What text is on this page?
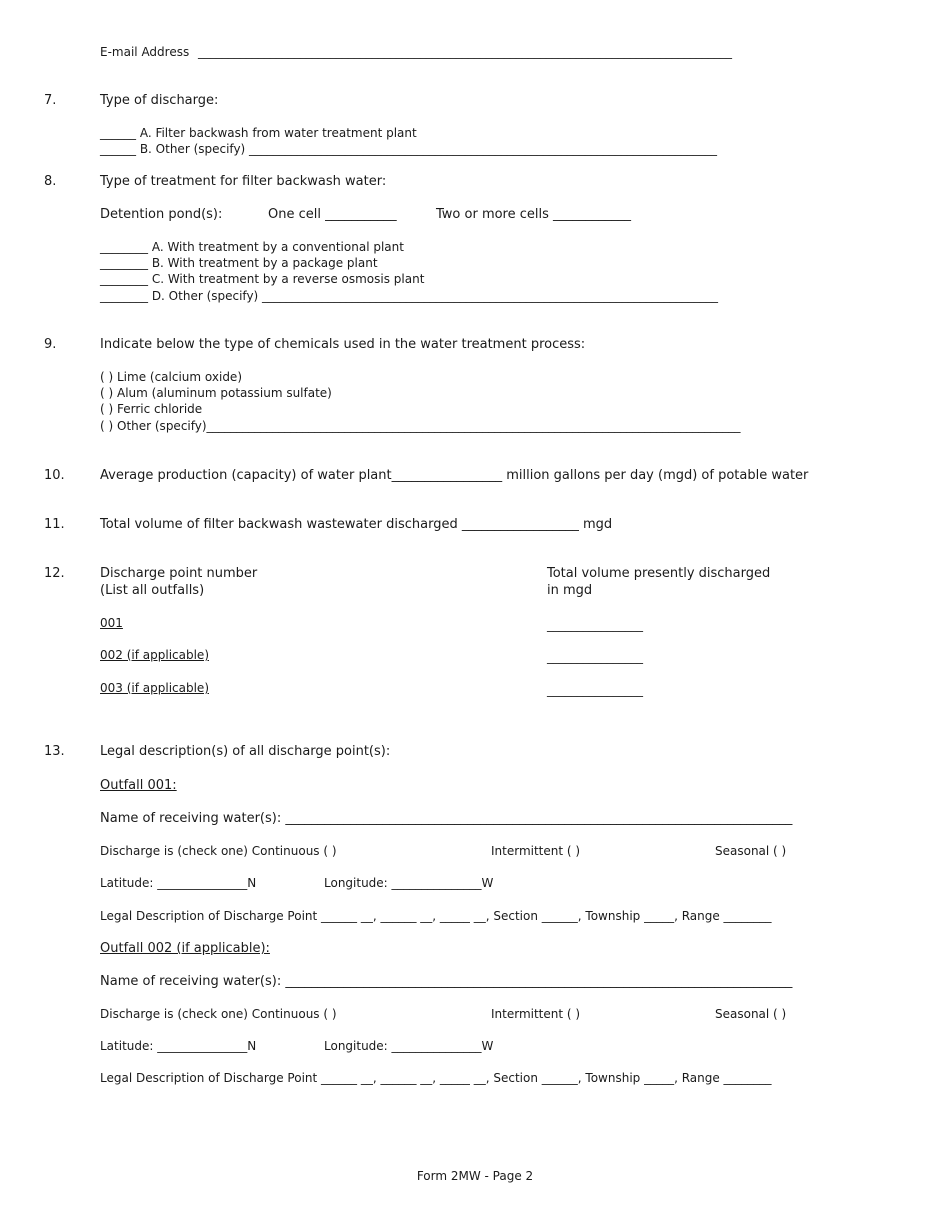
E-mail Address _________________________________________________________________________________________
7.	Type of discharge:
______ A. Filter backwash from water treatment plant
______ B. Other (specify) ______________________________________________________________________________
8.	Type of treatment for filter backwash water:
Detention pond(s):	One cell ___________	Two or more cells ____________
________ A. With treatment by a conventional plant
________ B. With treatment by a package plant
________ C. With treatment by a reverse osmosis plant
________ D. Other (specify) ____________________________________________________________________________
9.	Indicate below the type of chemicals used in the water treatment process:
( ) Lime (calcium oxide)
( ) Alum (aluminum potassium sulfate)
( ) Ferric chloride
( ) Other (specify)_________________________________________________________________________________________
10.	Average production (capacity) of water plant_________________ million gallons per day (mgd) of potable water
11.	Total volume of filter backwash wastewater discharged __________________ mgd
12.	Discharge point number
(List all outfalls)
Total volume presently discharged
in mgd
001	________________
002 (if applicable)	________________
003 (if applicable)	________________
13.	Legal description(s) of all discharge point(s):
Outfall 001:
Name of receiving water(s): ______________________________________________________________________________
Discharge is (check one) Continuous ( )	Intermittent ( )	Seasonal ( )
Latitude: _______________N	Longitude: _______________W
Legal Description of Discharge Point ______ __, ______ __, _____ __, Section ______, Township _____, Range ________
Outfall 002 (if applicable):
Name of receiving water(s): ______________________________________________________________________________
Discharge is (check one) Continuous ( )	Intermittent ( )	Seasonal ( )
Latitude: _______________N	Longitude: _______________W
Legal Description of Discharge Point ______ __, ______ __, _____ __, Section ______, Township _____, Range ________
Form 2MW - Page 2
